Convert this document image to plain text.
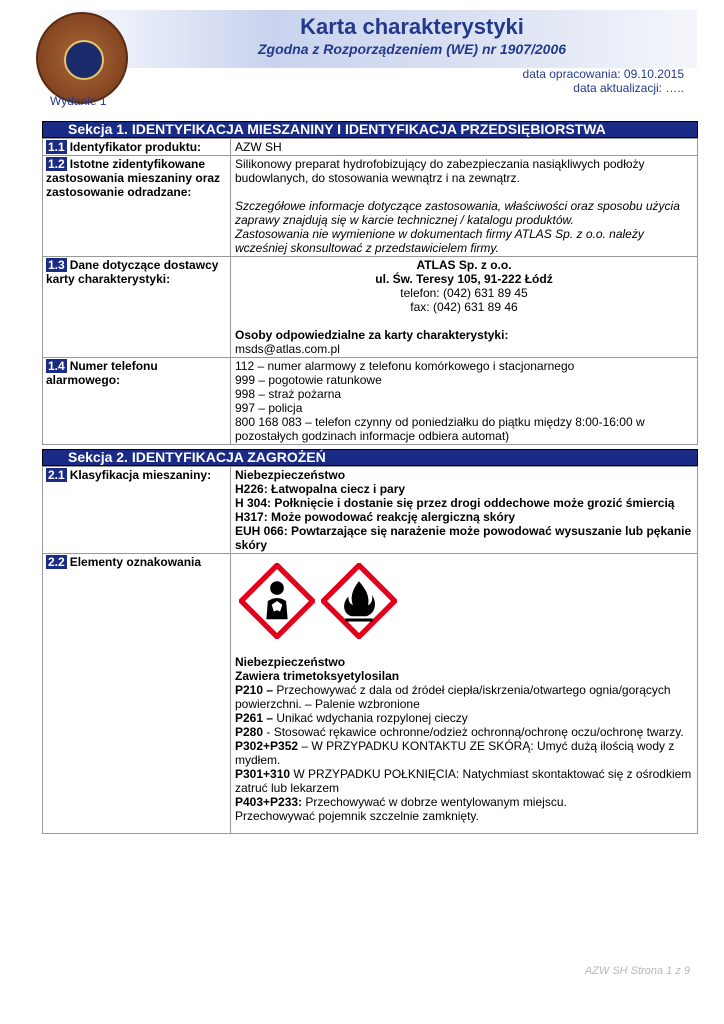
Karta charakterystyki
Zgodna z Rozporządzeniem (WE) nr 1907/2006
data opracowania: 09.10.2015
data aktualizacji: …..
Wydanie 1
Sekcja 1. IDENTYFIKACJA MIESZANINY I IDENTYFIKACJA PRZEDSIĘBIORSTWA
1.1 Identyfikator produktu:	AZW SH
1.2 Istotne zidentyfikowane zastosowania mieszaniny oraz zastosowanie odradzane:
Silikonowy preparat hydrofobizujący do zabezpieczania nasiąkliwych podłoży budowlanych, do stosowania wewnątrz i na zewnątrz.
Szczegółowe informacje dotyczące zastosowania, właściwości oraz sposobu użycia zaprawy znajdują się w karcie technicznej / katalogu produktów.
Zastosowania nie wymienione w dokumentach firmy ATLAS Sp. z o.o. należy wcześniej skonsultować z przedstawicielem firmy.
1.3 Dane dotyczące dostawcy karty charakterystyki:
ATLAS Sp. z o.o.
ul. Św. Teresy 105, 91-222 Łódź
telefon: (042) 631 89 45
fax: (042) 631 89 46
Osoby odpowiedzialne za karty charakterystyki:
msds@atlas.com.pl
1.4 Numer telefonu alarmowego:
112 – numer alarmowy z telefonu komórkowego i stacjonarnego
999 – pogotowie ratunkowe
998 – straż pożarna
997 – policja
800 168 083 – telefon czynny od poniedziałku do piątku między 8:00-16:00 w pozostałych godzinach informacje odbiera automat)
Sekcja 2. IDENTYFIKACJA ZAGROŻEŃ
2.1 Klasyfikacja mieszaniny:	Niebezpieczeństwo
H226: Łatwopalna ciecz i pary
H 304: Połknięcie i dostanie się przez drogi oddechowe może grozić śmiercią
H317: Może powodować reakcję alergiczną skóry
EUH 066: Powtarzające się narażenie może powodować wysuszanie lub pękanie skóry
2.2 Elementy oznakowania
Niebezpieczeństwo
Zawiera trimetoksyetylosilan
P210 – Przechowywać z dala od źródeł ciepła/iskrzenia/otwartego ognia/gorących powierzchni. – Palenie wzbronione
P261 – Unikać wdychania rozpylonej cieczy
P280 - Stosować rękawice ochronne/odzież ochronną/ochronę oczu/ochronę twarzy.
P302+P352 – W PRZYPADKU KONTAKTU ZE SKÓRĄ: Umyć dużą ilością wody z mydłem.
P301+310 W PRZYPADKU POŁKNIĘCIA: Natychmiast skontaktować się z ośrodkiem zatruć lub lekarzem
P403+P233: Przechowywać w dobrze wentylowanym miejscu.
Przechowywać pojemnik szczelnie zamknięty.
AZW SH Strona 1 z 9
